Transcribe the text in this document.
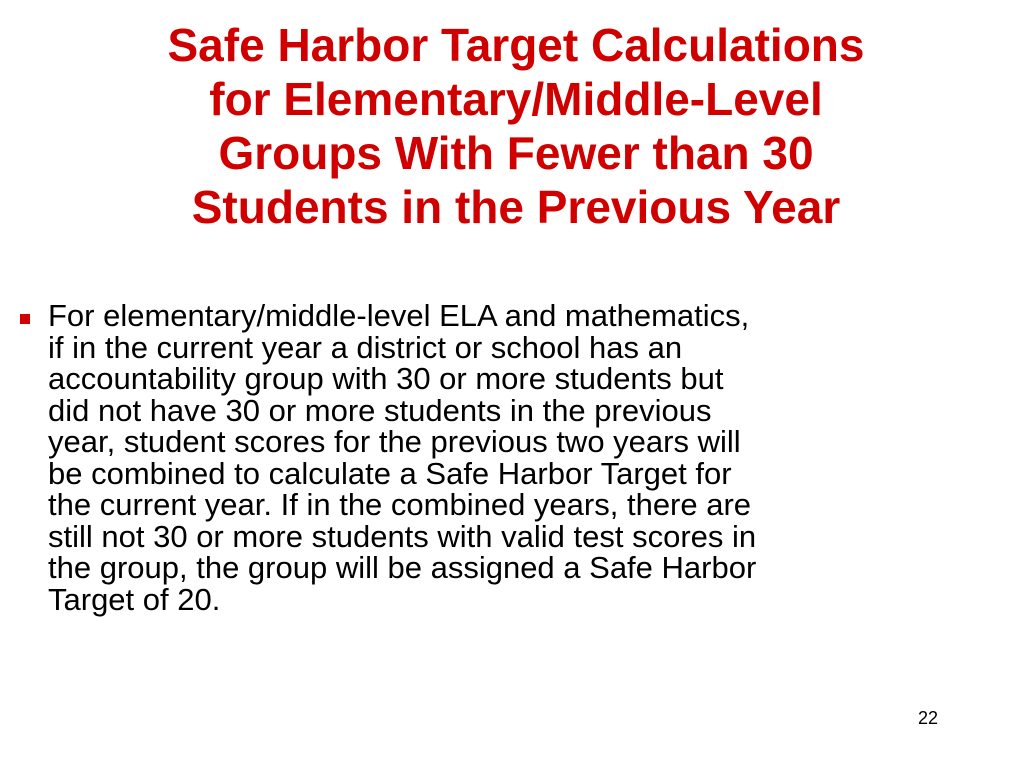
Safe Harbor Target Calculations
for Elementary/Middle-Level
Groups With Fewer than 30
Students in the Previous Year
For elementary/middle-level ELA and mathematics,
if in the current year a district or school has an
accountability group with 30 or more students but
did not have 30 or more students in the previous
year, student scores for the previous two years will
be combined to calculate a Safe Harbor Target for
the current year. If in the combined years, there are
still not 30 or more students with valid test scores in
the group, the group will be assigned a Safe Harbor
Target of 20.
22
